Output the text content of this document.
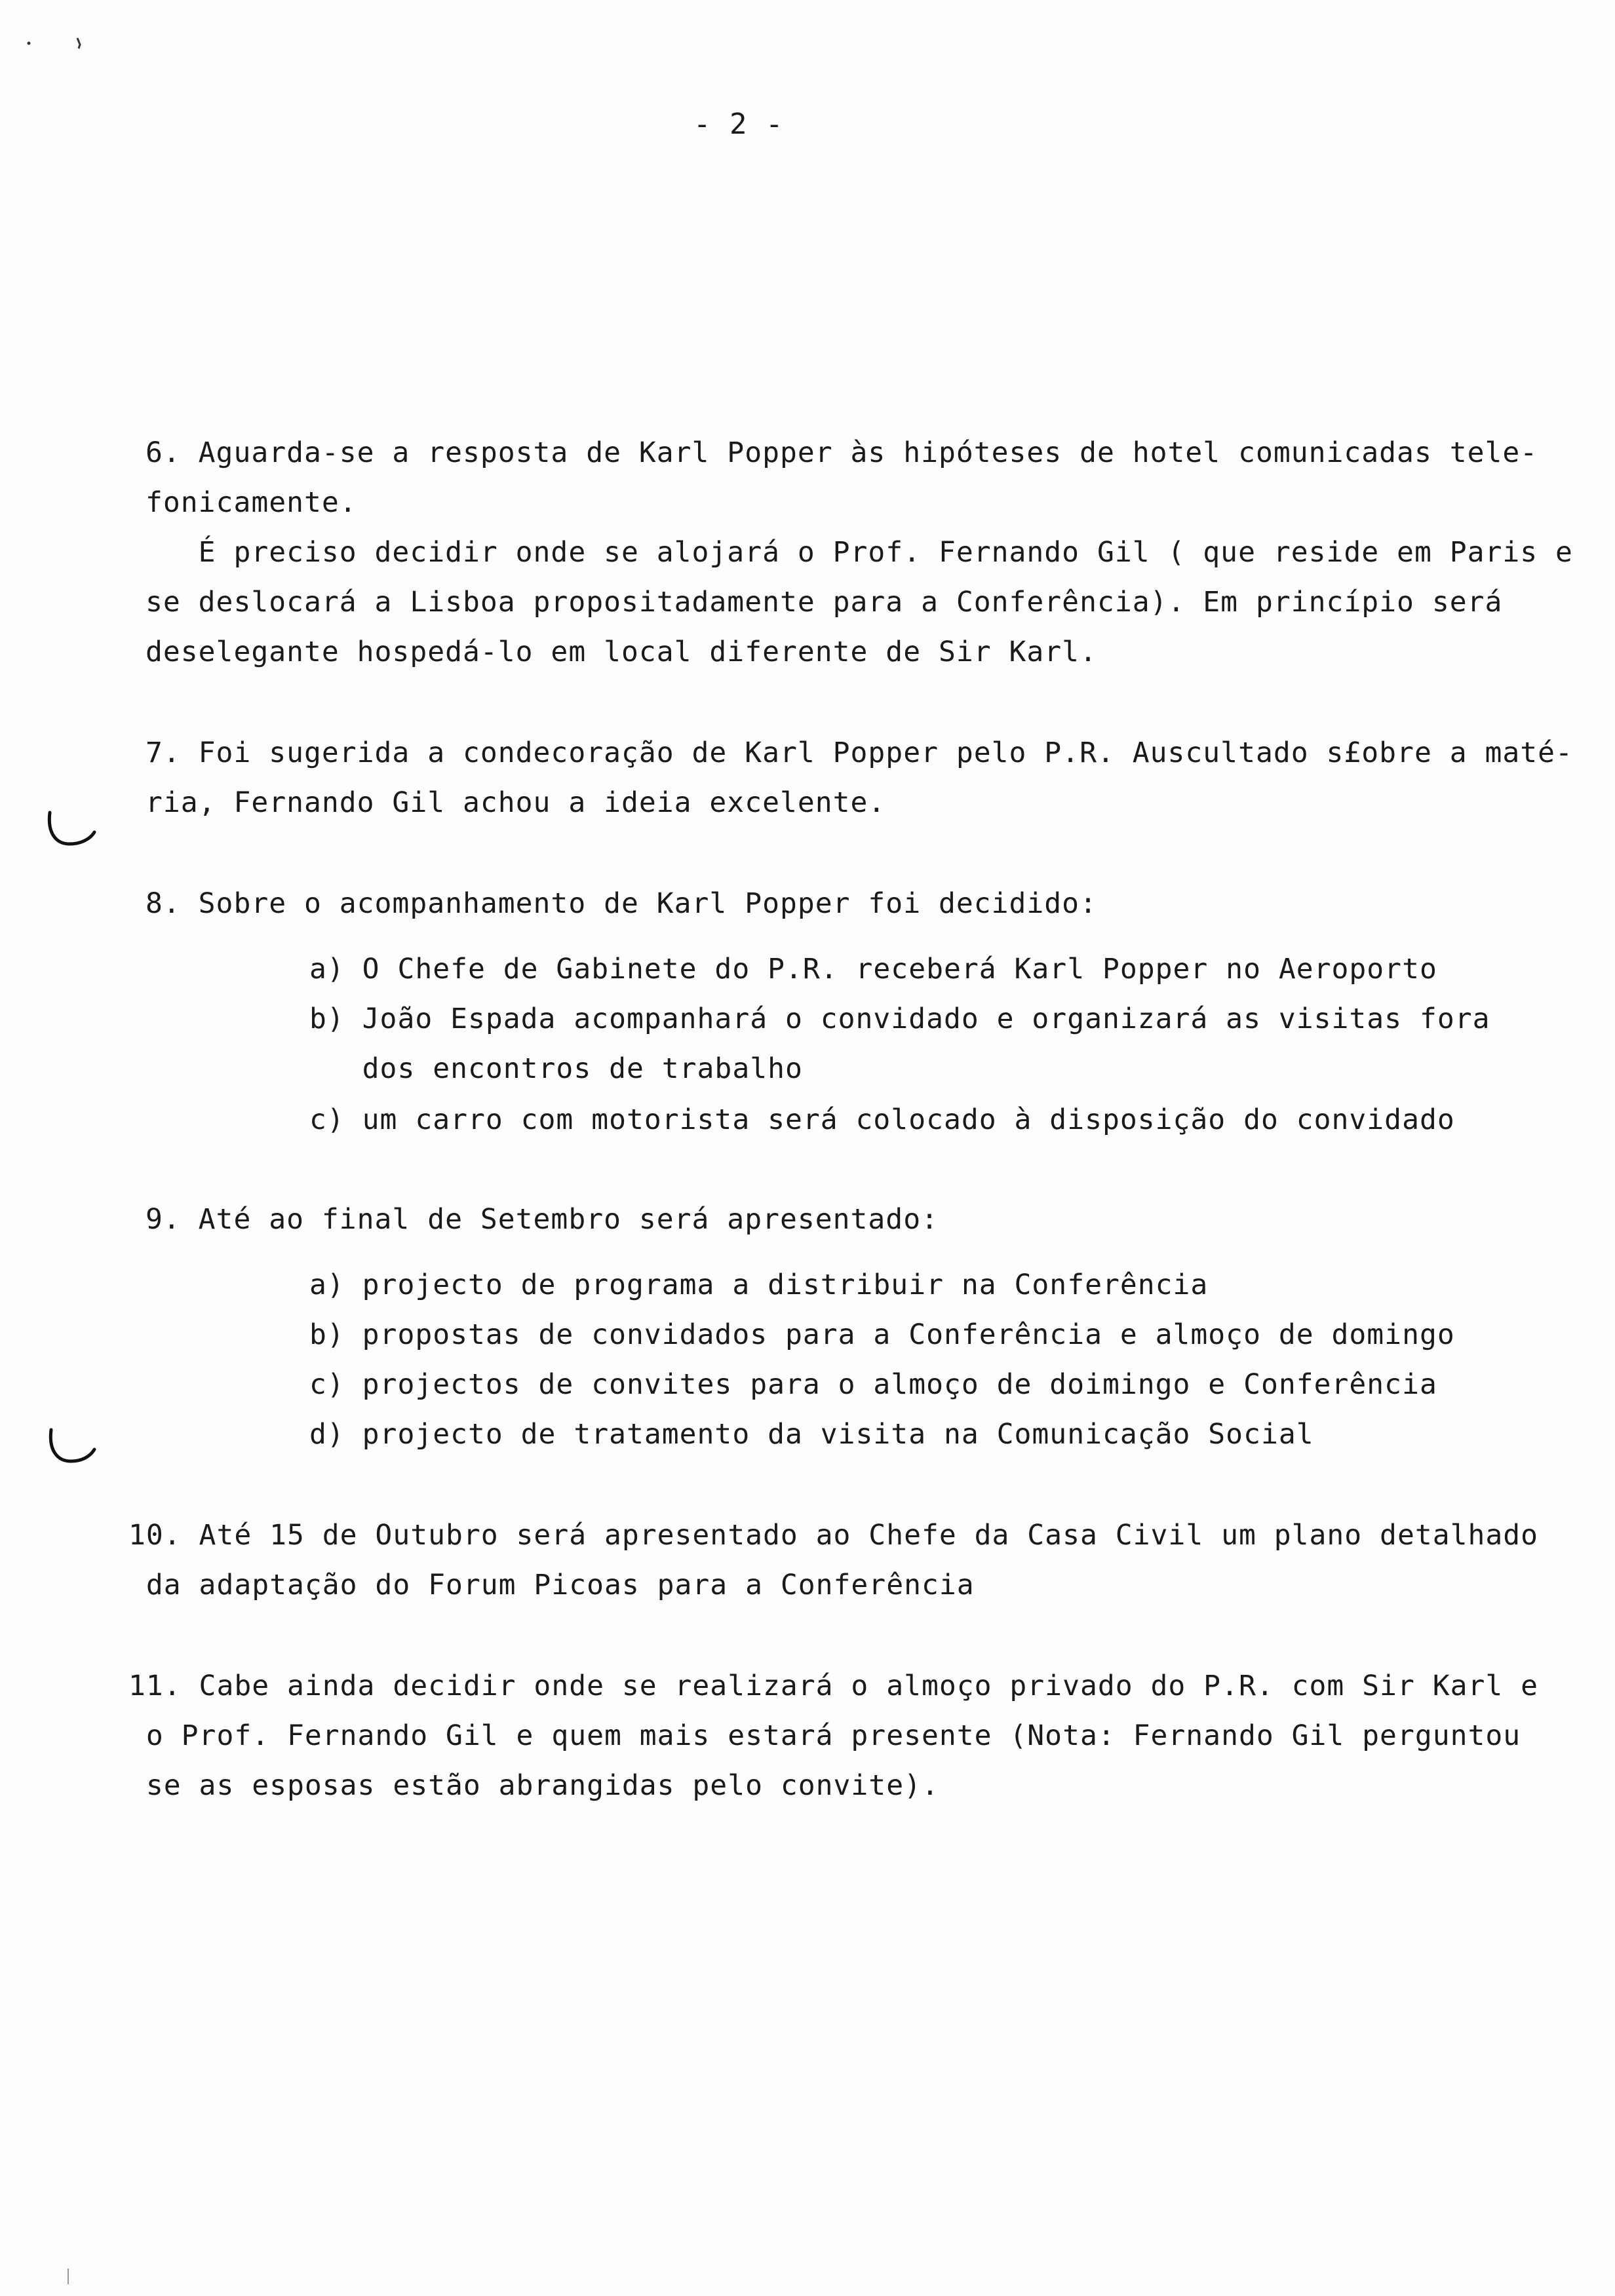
- 2 -
6. Aguarda-se a resposta de Karl Popper às hipóteses de hotel comunicadas tele-
fonicamente.
É preciso decidir onde se alojará o Prof. Fernando Gil ( que reside em Paris e
se deslocará a Lisboa propositadamente para a Conferência). Em princípio será
deselegante hospedá-lo em local diferente de Sir Karl.
7. Foi sugerida a condecoração de Karl Popper pelo P.R. Auscultado s£obre a maté-
ria, Fernando Gil achou a ideia excelente.
8. Sobre o acompanhamento de Karl Popper foi decidido:
a) O Chefe de Gabinete do P.R. receberá Karl Popper no Aeroporto
b) João Espada acompanhará o convidado e organizará as visitas fora
dos encontros de trabalho
c) um carro com motorista será colocado à disposição do convidado
9. Até ao final de Setembro será apresentado:
a) projecto de programa a distribuir na Conferência
b) propostas de convidados para a Conferência e almoço de domingo
c) projectos de convites para o almoço de doimingo e Conferência
d) projecto de tratamento da visita na Comunicação Social
10. Até 15 de Outubro será apresentado ao Chefe da Casa Civil um plano detalhado
da adaptação do Forum Picoas para a Conferência
11. Cabe ainda decidir onde se realizará o almoço privado do P.R. com Sir Karl e
o Prof. Fernando Gil e quem mais estará presente (Nota: Fernando Gil perguntou
se as esposas estão abrangidas pelo convite).
